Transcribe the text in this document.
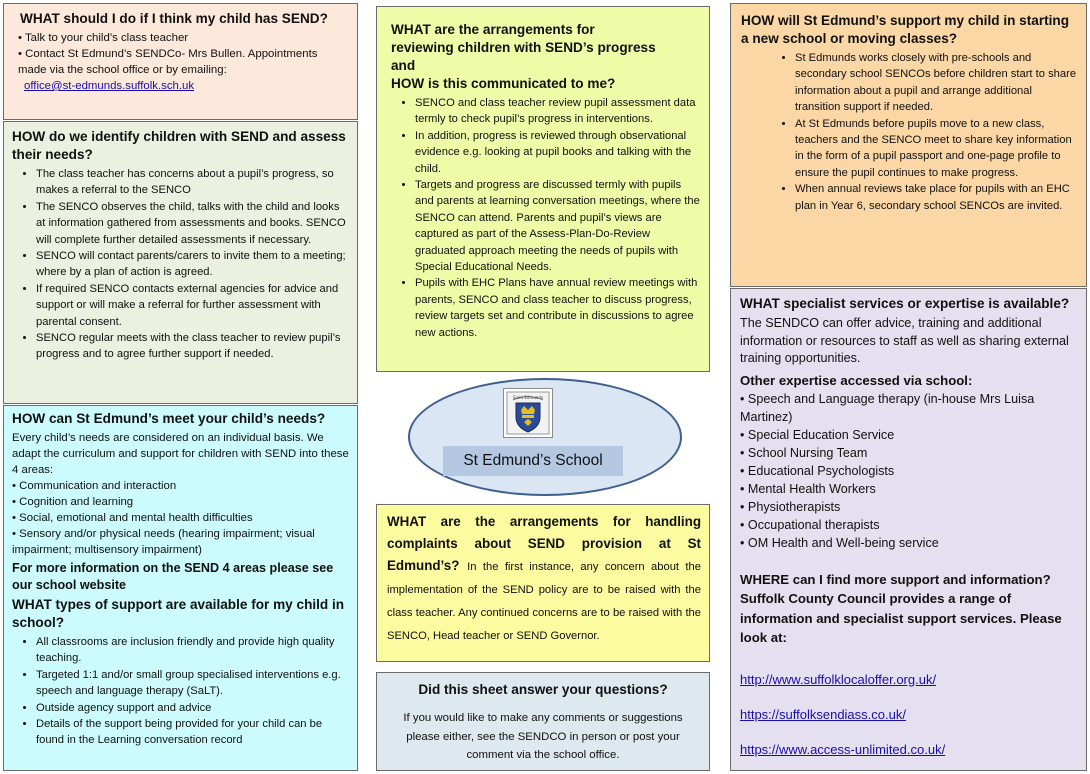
WHAT should I do if I think my child has SEND?
• Talk to your child’s class teacher
• Contact St Edmund’s SENDCo- Mrs Bullen. Appointments made via the school office or by emailing:
office@st-edmunds.suffolk.sch.uk
HOW do we identify children with SEND and assess their needs?
• The class teacher has concerns about a pupil’s progress, so makes a referral to the SENCO
• The SENCO observes the child, talks with the child and looks at information gathered from assessments and books. SENCO will complete further detailed assessments if necessary.
• SENCO will contact parents/carers to invite them to a meeting; where by a plan of action is agreed.
• If required SENCO contacts external agencies for advice and support or will make a referral for further assessment with parental consent.
• SENCO regular meets with the class teacher to review pupil’s progress and to agree further support if needed.
HOW can St Edmund’s meet your child’s needs?

Every child’s needs are considered on an individual basis. We adapt the curriculum and support for children with SEND into these 4 areas:

• Communication and interaction
• Cognition and learning
• Social, emotional and mental health difficulties
• Sensory and/or physical needs (hearing impairment; visual impairment; multisensory impairment)

For more information on the SEND 4 areas please see our school website

WHAT types of support are available for my child in school?
• All classrooms are inclusion friendly and provide high quality teaching.
• Targeted 1:1 and/or small group specialised interventions e.g. speech and language therapy (SaLT).
• Outside agency support and advice
• Details of the support being provided for your child can be found in the Learning conversation record
WHAT are the arrangements for reviewing children with SEND’s progress and
HOW is this communicated to me?
• SENCO and class teacher review pupil assessment data termly to check pupil’s progress in interventions.
• In addition, progress is reviewed through observational evidence e.g. looking at pupil books and talking with the child.
• Targets and progress are discussed termly with pupils and parents at learning conversation meetings, where the SENCO can attend. Parents and pupil’s views are captured as part of the Assess-Plan-Do-Review graduated approach meeting the needs of pupils with Special Educational Needs.
• Pupils with EHC Plans have annual review meetings with parents, SENCO and class teacher to discuss progress, review targets set and contribute in discussions to agree new actions.
Saint Edmunds
St Edmund’s School

WHAT are the arrangements for handling complaints about SEND provision at St Edmund’s? In the first instance, any concern about the implementation of the SEND policy are to be raised with the class teacher. Any continued concerns are to be raised with the SENCO, Head teacher or SEND Governor.

Did this sheet answer your questions?

If you would like to make any comments or suggestions please either, see the SENDCO in person or post your comment via the school office.

HOW will St Edmund’s support my child in starting a new school or moving classes?
• St Edmunds works closely with pre-schools and secondary school SENCOs before children start to share information about a pupil and arrange additional transition support if needed.
• At St Edmunds before pupils move to a new class, teachers and the SENCO meet to share key information in the form of a pupil passport and one-page profile to ensure the pupil continues to make progress.
• When annual reviews take place for pupils with an EHC plan in Year 6, secondary school SENCOs are invited.
WHAT specialist services or expertise is available?

The SENDCO can offer advice, training and additional information or resources to staff as well as sharing external training opportunities.

Other expertise accessed via school:

• Speech and Language therapy (in-house Mrs Luisa Martinez)
• Special Education Service
• School Nursing Team
• Educational Psychologists
• Mental Health Workers
• Physiotherapists
• Occupational therapists
• OM Health and Well-being service

WHERE can I find more support and information? Suffolk County Council provides a range of information and specialist support services. Please look at:

http://www.suffolklocaloffer.org.uk/
https://suffolksendiass.co.uk/
https://www.access-unlimited.co.uk/
